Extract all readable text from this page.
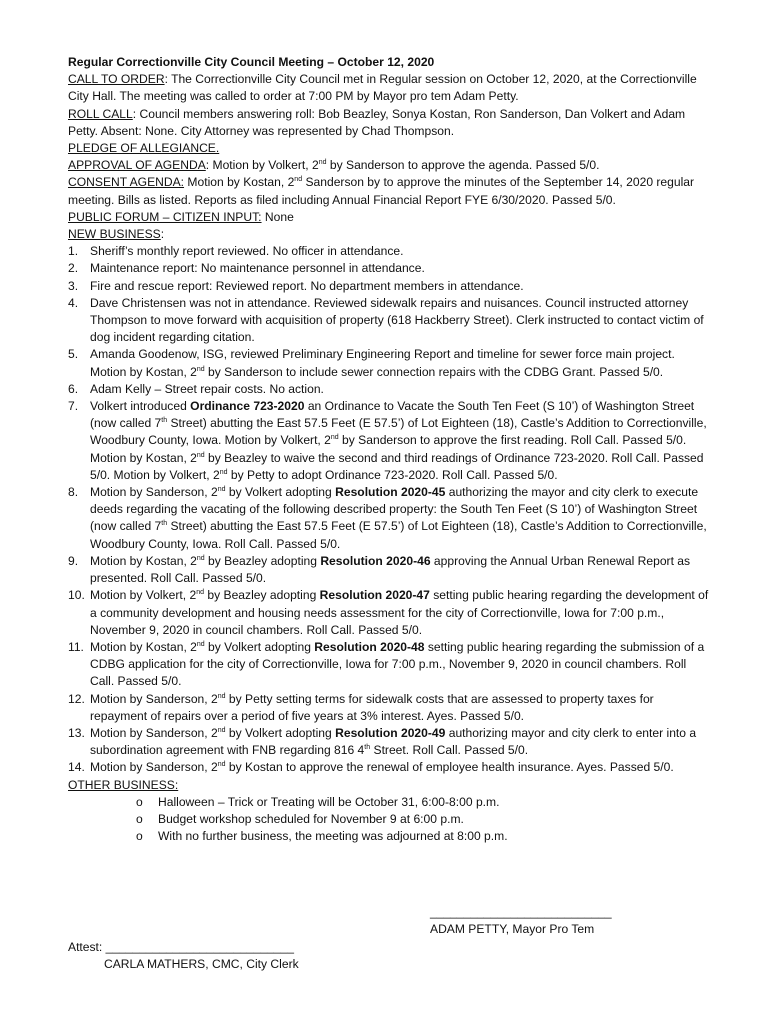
Regular Correctionville City Council Meeting – October 12, 2020
CALL TO ORDER: The Correctionville City Council met in Regular session on October 12, 2020, at the Correctionville City Hall. The meeting was called to order at 7:00 PM by Mayor pro tem Adam Petty.
ROLL CALL: Council members answering roll: Bob Beazley, Sonya Kostan, Ron Sanderson, Dan Volkert and Adam Petty. Absent: None. City Attorney was represented by Chad Thompson.
PLEDGE OF ALLEGIANCE.
APPROVAL OF AGENDA: Motion by Volkert, 2nd by Sanderson to approve the agenda. Passed 5/0.
CONSENT AGENDA: Motion by Kostan, 2nd Sanderson by to approve the minutes of the September 14, 2020 regular meeting. Bills as listed. Reports as filed including Annual Financial Report FYE 6/30/2020. Passed 5/0.
PUBLIC FORUM – CITIZEN INPUT: None
NEW BUSINESS:
1. Sheriff’s monthly report reviewed. No officer in attendance.
2. Maintenance report: No maintenance personnel in attendance.
3. Fire and rescue report: Reviewed report. No department members in attendance.
4. Dave Christensen was not in attendance. Reviewed sidewalk repairs and nuisances. Council instructed attorney Thompson to move forward with acquisition of property (618 Hackberry Street). Clerk instructed to contact victim of dog incident regarding citation.
5. Amanda Goodenow, ISG, reviewed Preliminary Engineering Report and timeline for sewer force main project. Motion by Kostan, 2nd by Sanderson to include sewer connection repairs with the CDBG Grant. Passed 5/0.
6. Adam Kelly – Street repair costs. No action.
7. Volkert introduced Ordinance 723-2020 an Ordinance to Vacate the South Ten Feet (S 10’) of Washington Street (now called 7th Street) abutting the East 57.5 Feet (E 57.5’) of Lot Eighteen (18), Castle’s Addition to Correctionville, Woodbury County, Iowa. Motion by Volkert, 2nd by Sanderson to approve the first reading. Roll Call. Passed 5/0. Motion by Kostan, 2nd by Beazley to waive the second and third readings of Ordinance 723-2020. Roll Call. Passed 5/0. Motion by Volkert, 2nd by Petty to adopt Ordinance 723-2020. Roll Call. Passed 5/0.
8. Motion by Sanderson, 2nd by Volkert adopting Resolution 2020-45 authorizing the mayor and city clerk to execute deeds regarding the vacating of the following described property: the South Ten Feet (S 10’) of Washington Street (now called 7th Street) abutting the East 57.5 Feet (E 57.5’) of Lot Eighteen (18), Castle’s Addition to Correctionville, Woodbury County, Iowa. Roll Call. Passed 5/0.
9. Motion by Kostan, 2nd by Beazley adopting Resolution 2020-46 approving the Annual Urban Renewal Report as presented. Roll Call. Passed 5/0.
10. Motion by Volkert, 2nd by Beazley adopting Resolution 2020-47 setting public hearing regarding the development of a community development and housing needs assessment for the city of Correctionville, Iowa for 7:00 p.m., November 9, 2020 in council chambers. Roll Call. Passed 5/0.
11. Motion by Kostan, 2nd by Volkert adopting Resolution 2020-48 setting public hearing regarding the submission of a CDBG application for the city of Correctionville, Iowa for 7:00 p.m., November 9, 2020 in council chambers. Roll Call. Passed 5/0.
12. Motion by Sanderson, 2nd by Petty setting terms for sidewalk costs that are assessed to property taxes for repayment of repairs over a period of five years at 3% interest. Ayes. Passed 5/0.
13. Motion by Sanderson, 2nd by Volkert adopting Resolution 2020-49 authorizing mayor and city clerk to enter into a subordination agreement with FNB regarding 816 4th Street. Roll Call. Passed 5/0.
14. Motion by Sanderson, 2nd by Kostan to approve the renewal of employee health insurance. Ayes. Passed 5/0.
OTHER BUSINESS:
o	Halloween – Trick or Treating will be October 31, 6:00-8:00 p.m.
o	Budget workshop scheduled for November 9 at 6:00 p.m.
o	With no further business, the meeting was adjourned at 8:00 p.m.
___________________________
ADAM PETTY, Mayor Pro Tem
Attest: ____________________________
CARLA MATHERS, CMC, City Clerk
